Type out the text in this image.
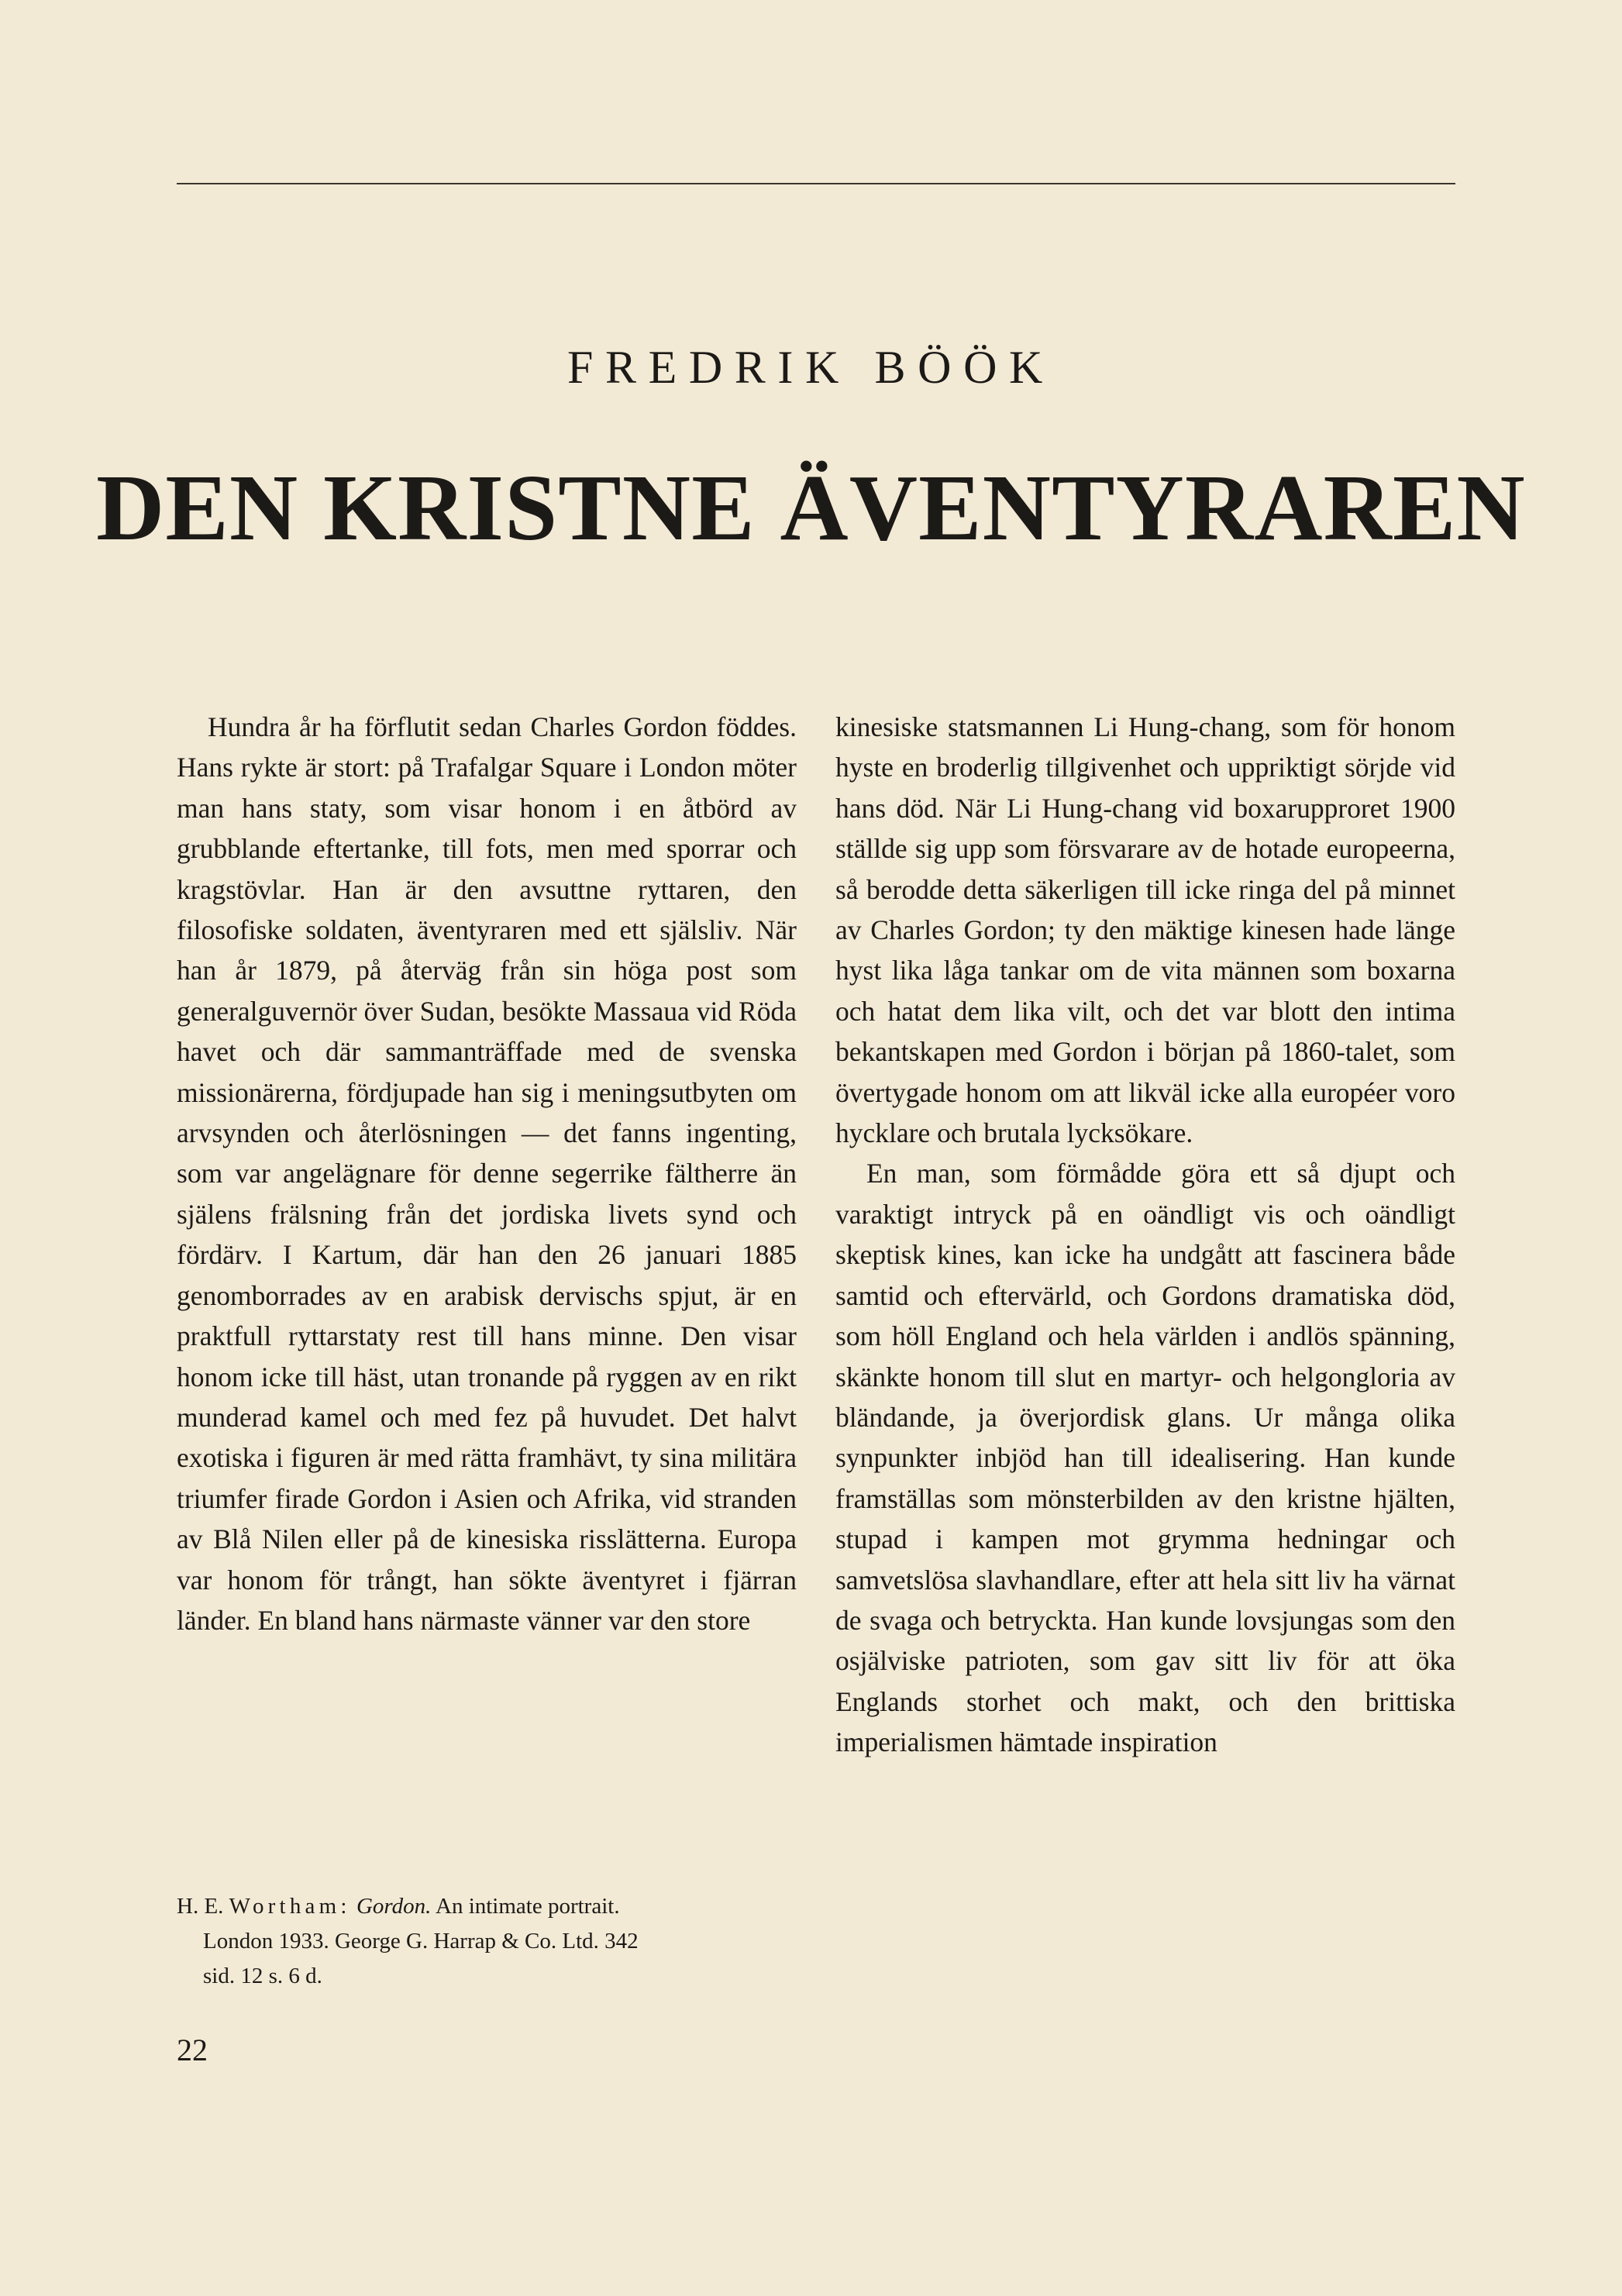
FREDRIK BÖÖK
DEN KRISTNE ÄVENTYRAREN

Hundra år ha förflutit sedan Charles Gordon föddes. Hans rykte är stort: på Trafalgar Square i London möter man hans staty, som visar honom i en åtbörd av grubblande eftertanke, till fots, men med sporrar och kragstövlar. Han är den avsuttne ryttaren, den filosofiske soldaten, äventyraren med ett själsliv. När han år 1879, på återväg från sin höga post som generalguvernör över Sudan, besökte Massaua vid Röda havet och där sammanträffade med de svenska missionärerna, fördjupade han sig i meningsutbyten om arvsynden och återlösningen — det fanns ingenting, som var angelägnare för denne segerrike fältherre än själens frälsning från det jordiska livets synd och fördärv. I Kartum, där han den 26 januari 1885 genomborrades av en arabisk dervischs spjut, är en praktfull ryttarstaty rest till hans minne. Den visar honom icke till häst, utan tronande på ryggen av en rikt munderad kamel och med fez på huvudet. Det halvt exotiska i figuren är med rätta framhävt, ty sina militära triumfer firade Gordon i Asien och Afrika, vid stranden av Blå Nilen eller på de kinesiska risslätterna. Europa var honom för trångt, han sökte äventyret i fjärran länder. En bland hans närmaste vänner var den store

kinesiske statsmannen Li Hung-chang, som för honom hyste en broderlig tillgivenhet och uppriktigt sörjde vid hans död. När Li Hung-chang vid boxarupproret 1900 ställde sig upp som försvarare av de hotade europeerna, så berodde detta säkerligen till icke ringa del på minnet av Charles Gordon; ty den mäktige kinesen hade länge hyst lika låga tankar om de vita männen som boxarna och hatat dem lika vilt, och det var blott den intima bekantskapen med Gordon i början på 1860-talet, som övertygade honom om att likväl icke alla européer voro hycklare och brutala lycksökare.

En man, som förmådde göra ett så djupt och varaktigt intryck på en oändligt vis och oändligt skeptisk kines, kan icke ha undgått att fascinera både samtid och eftervärld, och Gordons dramatiska död, som höll England och hela världen i andlös spänning, skänkte honom till slut en martyr- och helgongloria av bländande, ja överjordisk glans. Ur många olika synpunkter inbjöd han till idealisering. Han kunde framställas som mönsterbilden av den kristne hjälten, stupad i kampen mot grymma hedningar och samvetslösa slavhandlare, efter att hela sitt liv ha värnat de svaga och betryckta. Han kunde lovsjungas som den osjälviske patrioten, som gav sitt liv för att öka Englands storhet och makt, och den brittiska imperialismen hämtade inspiration

H. E. Wortham: Gordon. An intimate portrait.
London 1933. George G. Harrap & Co. Ltd. 342
sid. 12 s. 6 d.
22
